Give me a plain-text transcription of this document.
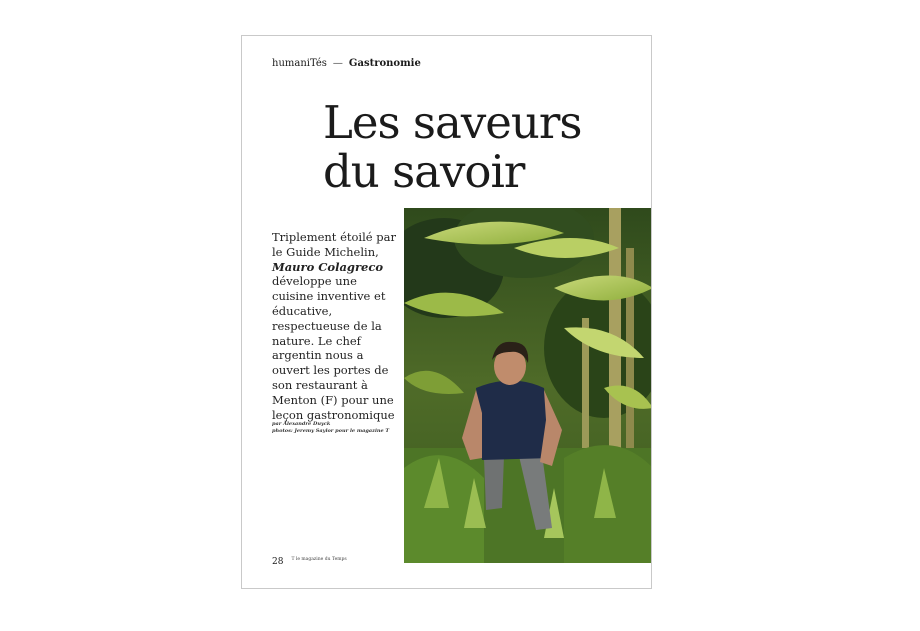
humaniTés — Gastronomie
Les saveurs
du savoir

Triplement étoilé par le Guide Michelin, Mauro Colagreco développe une cuisine inventive et éducative, respectueuse de la nature. Le chef argentin nous a ouvert les portes de son restaurant à Menton (F) pour une leçon gastronomique

par Alexandre Duyck
photos: Jeremy Saylor pour le magazine T
28 T le magazine du Temps
